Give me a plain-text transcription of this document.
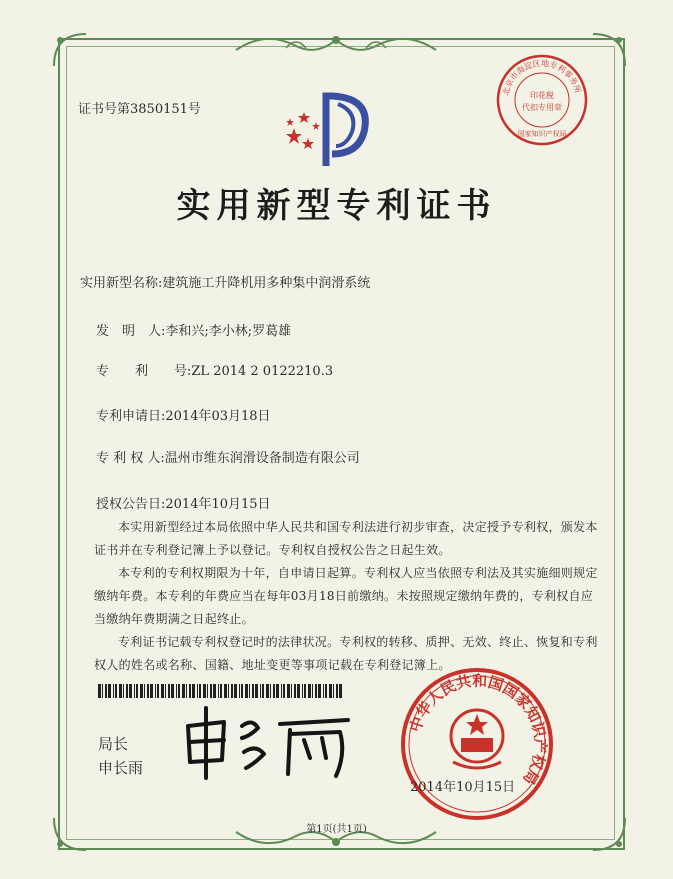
北京市海淀区地专利事务所
印花税
代扣专用章
国家知识产权局
证书号第3850151号
实用新型专利证书
实用新型名称:建筑施工升降机用多种集中润滑系统
发　明　人:李和兴;李小林;罗葛雄
专　　利　　号:ZL 2014 2 0122210.3
专利申请日:2014年03月18日
专 利 权 人:温州市维东润滑设备制造有限公司
授权公告日:2014年10月15日
本实用新型经过本局依照中华人民共和国专利法进行初步审查，决定授予专利权，颁发本证书并在专利登记簿上予以登记。专利权自授权公告之日起生效。
本专利的专利权期限为十年，自申请日起算。专利权人应当依照专利法及其实施细则规定缴纳年费。本专利的年费应当在每年03月18日前缴纳。未按照规定缴纳年费的，专利权自应当缴纳年费期满之日起终止。
专利证书记载专利权登记时的法律状况。专利权的转移、质押、无效、终止、恢复和专利权人的姓名或名称、国籍、地址变更等事项记载在专利登记簿上。
局长
申长雨
中华人民共和国国家知识产权局
2014年10月15日
第1页(共1页)
